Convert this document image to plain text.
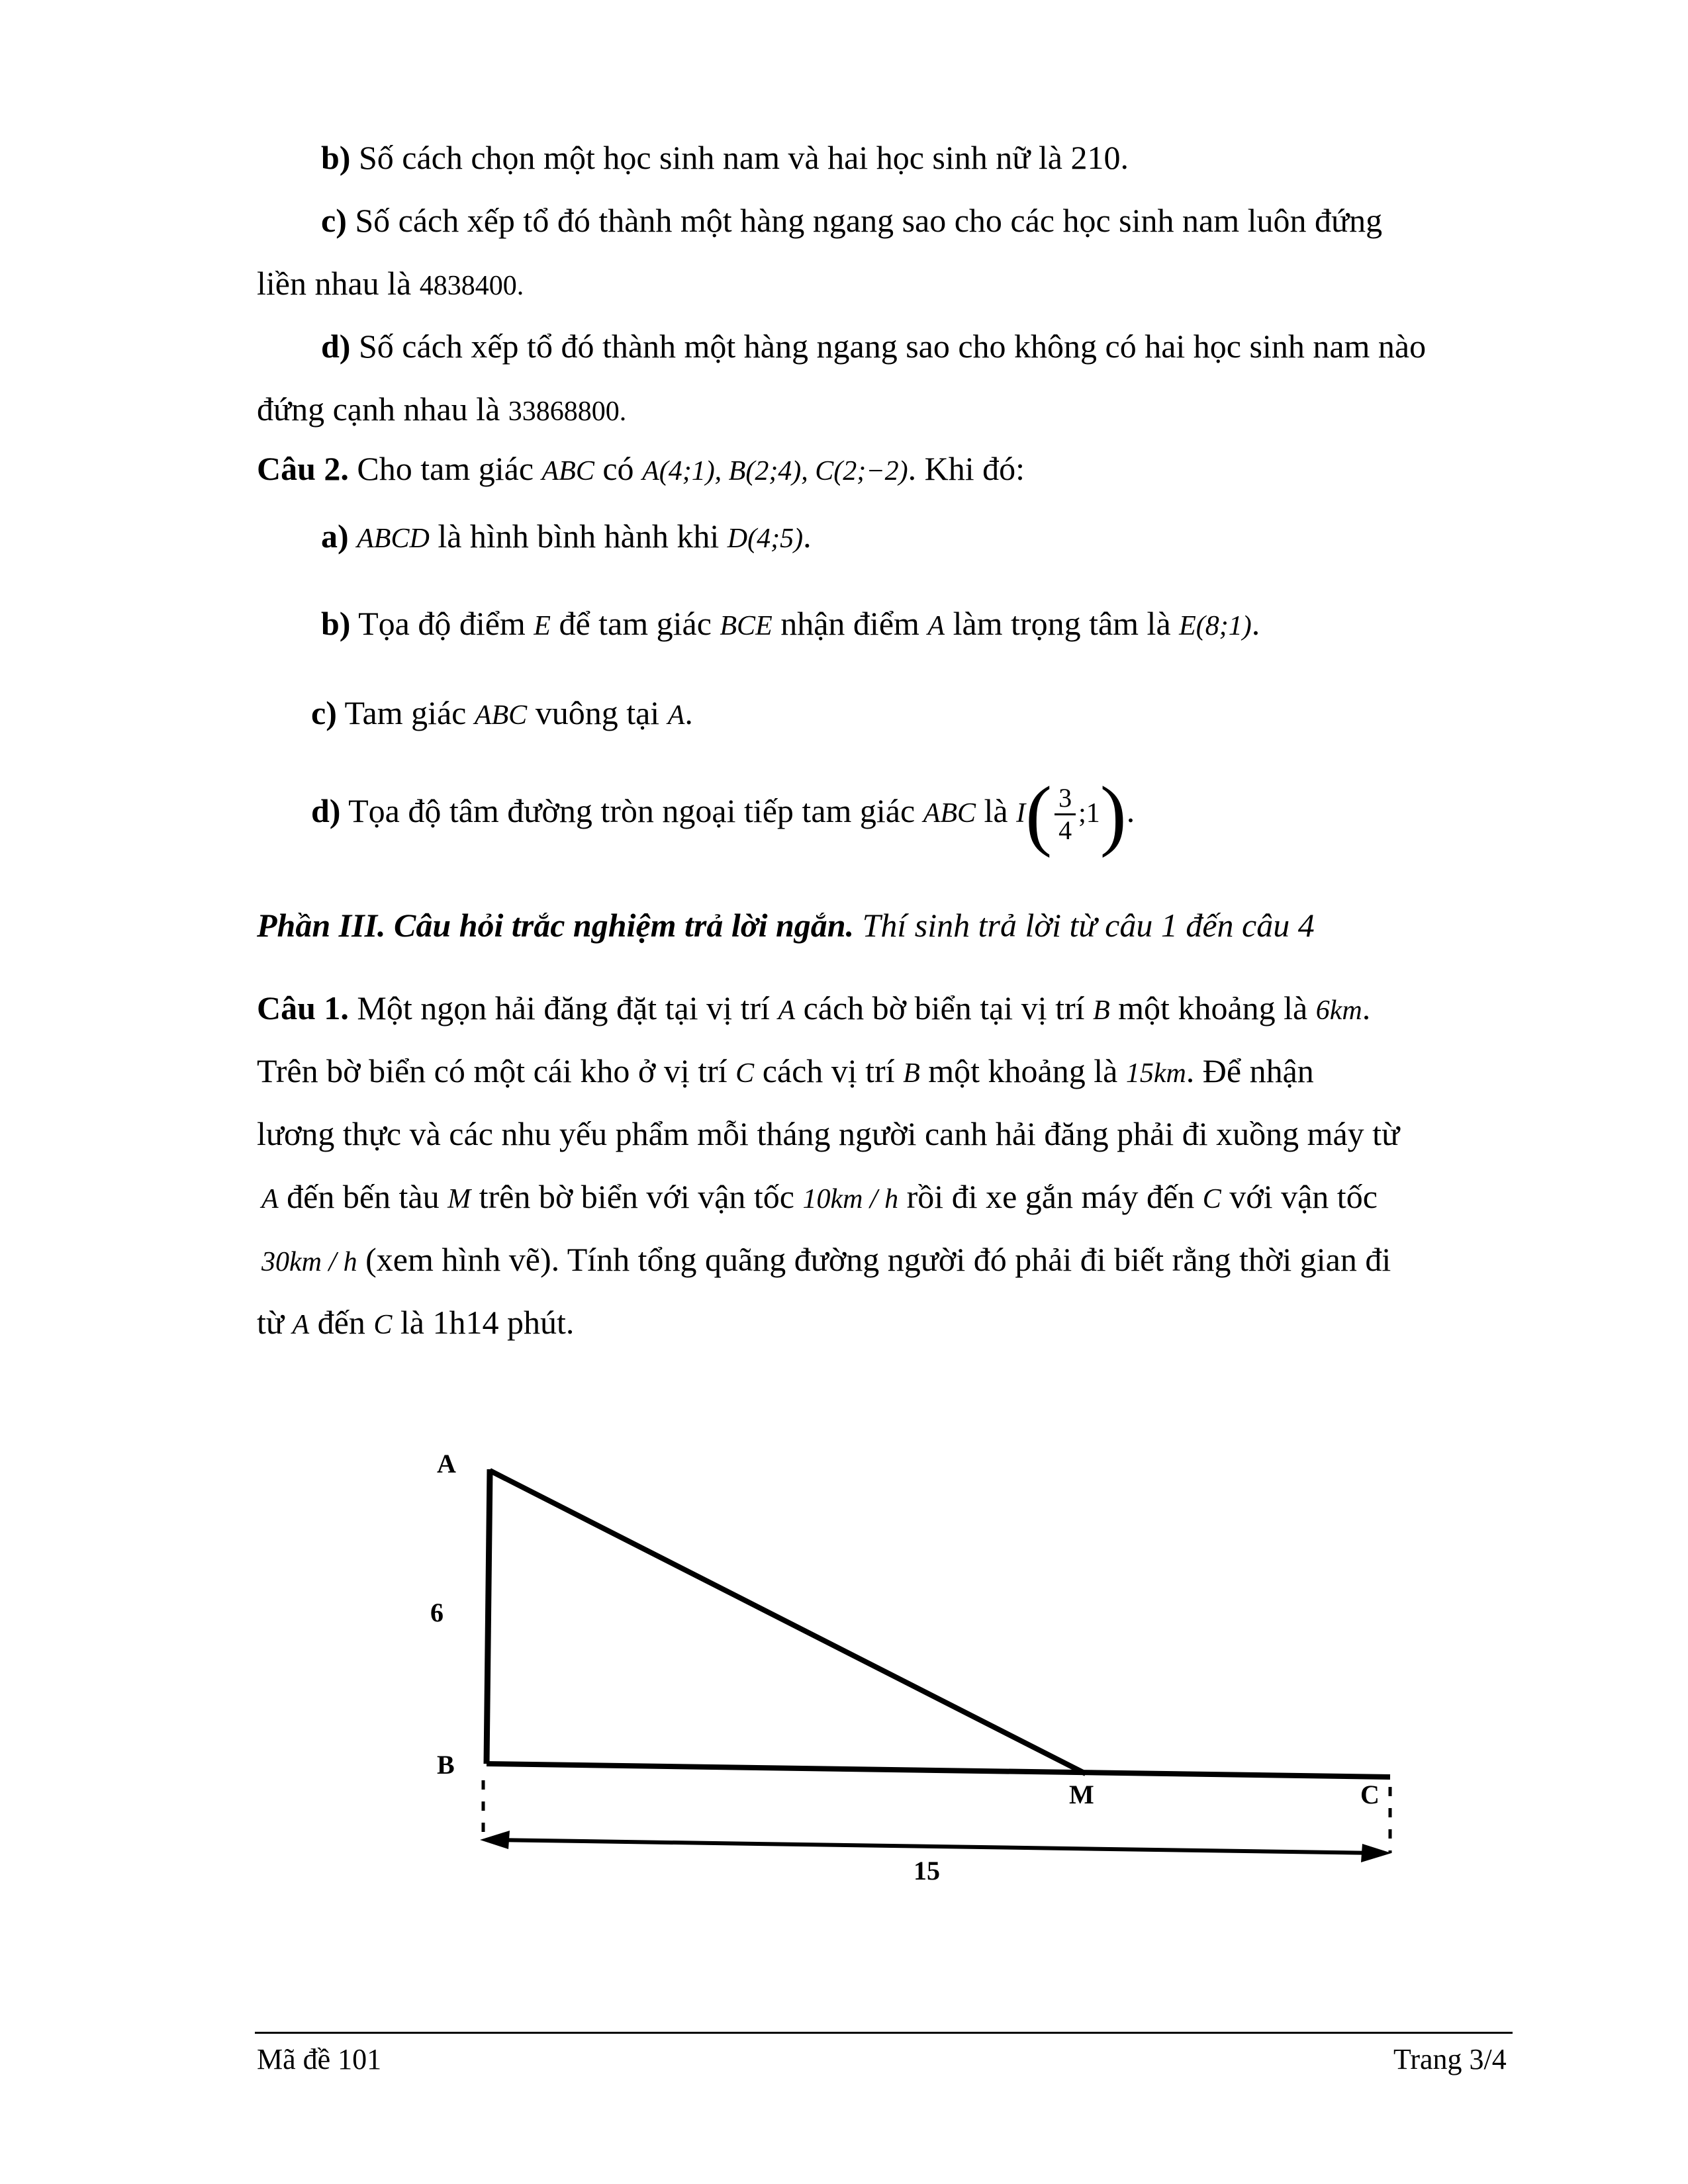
b) Số cách chọn một học sinh nam và hai học sinh nữ là 210.
c) Số cách xếp tổ đó thành một hàng ngang sao cho các học sinh nam luôn đứng
liền nhau là 4838400.
d) Số cách xếp tổ đó thành một hàng ngang sao cho không có hai học sinh nam nào
đứng cạnh nhau là 33868800.
Câu 2. Cho tam giác ABC có A(4;1), B(2;4), C(2;−2). Khi đó:
a) ABCD là hình bình hành khi D(4;5).
b) Tọa độ điểm E để tam giác BCE nhận điểm A làm trọng tâm là E(8;1).
c) Tam giác ABC vuông tại A.
d) Tọa độ tâm đường tròn ngoại tiếp tam giác ABC là $I( \frac{3}{4}$ ;1).
Phần III. Câu hỏi trắc nghiệm trả lời ngắn. Thí sinh trả lời từ câu 1 đến câu 4
Câu 1. Một ngọn hải đăng đặt tại vị trí A cách bờ biển tại vị trí B một khoảng là 6km.
Trên bờ biển có một cái kho ở vị trí C cách vị trí B một khoảng là 15km. Để nhận
lương thực và các nhu yếu phẩm mỗi tháng người canh hải đăng phải đi xuồng máy từ
A đến bến tàu M trên bờ biển với vận tốc 10km / h rồi đi xe gắn máy đến C với vận tốc
30km / h (xem hình vẽ). Tính tổng quãng đường người đó phải đi biết rằng thời gian đi
từ A đến C là 1h14 phút.
A
6
B
M	C
15
Mã đề 101	Trang 3/4
